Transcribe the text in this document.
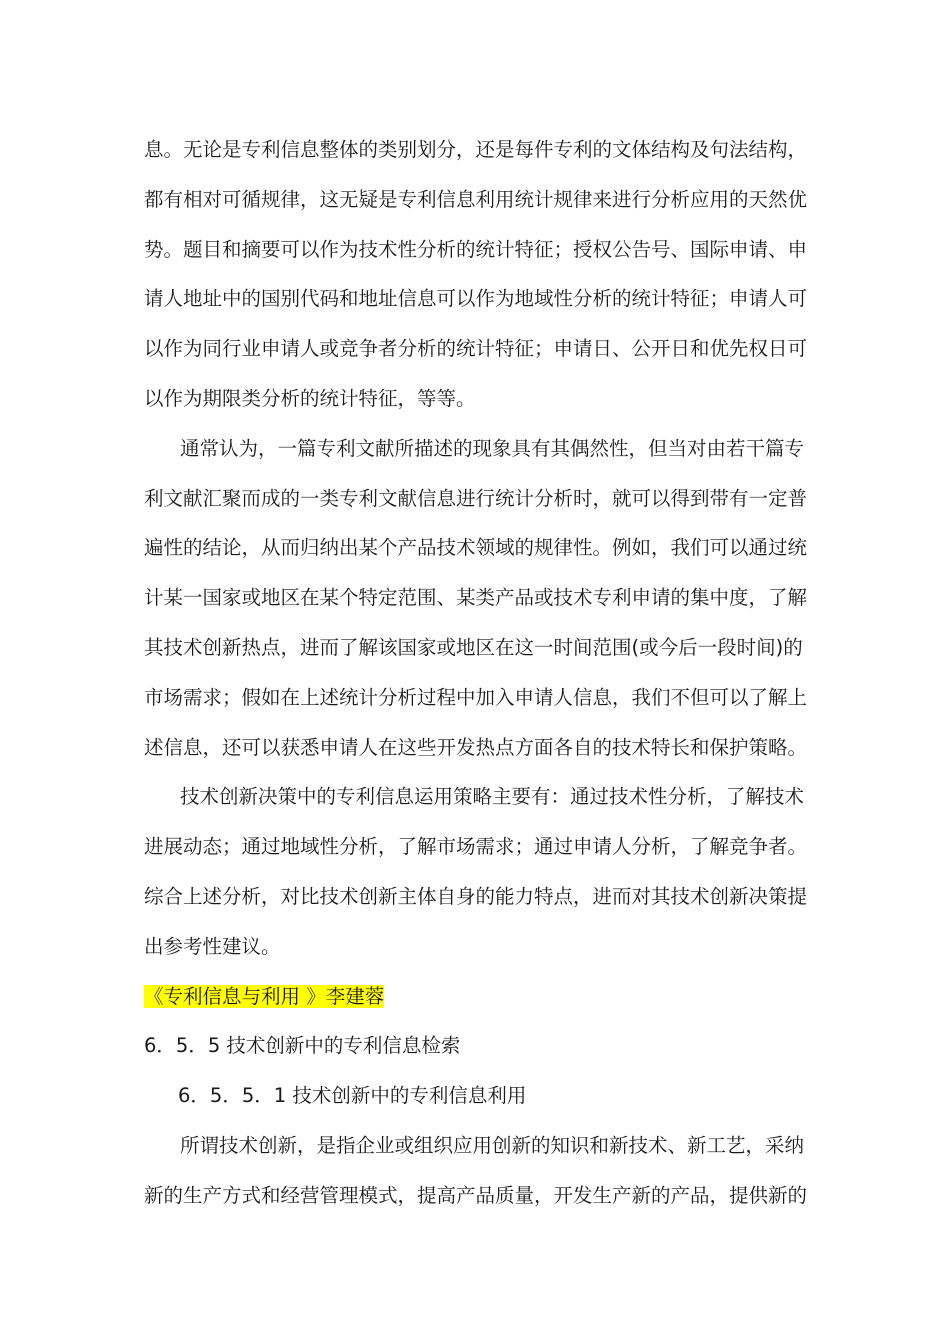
息。无论是专利信息整体的类别划分，还是每件专利的文体结构及句法结构，
都有相对可循规律，这无疑是专利信息利用统计规律来进行分析应用的天然优
势。题目和摘要可以作为技术性分析的统计特征；授权公告号、国际申请、申
请人地址中的国别代码和地址信息可以作为地域性分析的统计特征；申请人可
以作为同行业申请人或竞争者分析的统计特征；申请日、公开日和优先权日可
以作为期限类分析的统计特征，等等。
通常认为，一篇专利文献所描述的现象具有其偶然性，但当对由若干篇专
利文献汇聚而成的一类专利文献信息进行统计分析时，就可以得到带有一定普
遍性的结论，从而归纳出某个产品技术领域的规律性。例如，我们可以通过统
计某一国家或地区在某个特定范围、某类产品或技术专利申请的集中度，了解
其技术创新热点，进而了解该国家或地区在这一时间范围(或今后一段时间)的
市场需求；假如在上述统计分析过程中加入申请人信息，我们不但可以了解上
述信息，还可以获悉申请人在这些开发热点方面各自的技术特长和保护策略。
技术创新决策中的专利信息运用策略主要有：通过技术性分析，了解技术
进展动态；通过地域性分析，了解市场需求；通过申请人分析，了解竞争者。
综合上述分析，对比技术创新主体自身的能力特点，进而对其技术创新决策提
出参考性建议。
《专利信息与利用 》李建蓉
6．5．5 技术创新中的专利信息检索
6．5．5．1 技术创新中的专利信息利用
所谓技术创新，是指企业或组织应用创新的知识和新技术、新工艺，采纳
新的生产方式和经营管理模式，提高产品质量，开发生产新的产品，提供新的
